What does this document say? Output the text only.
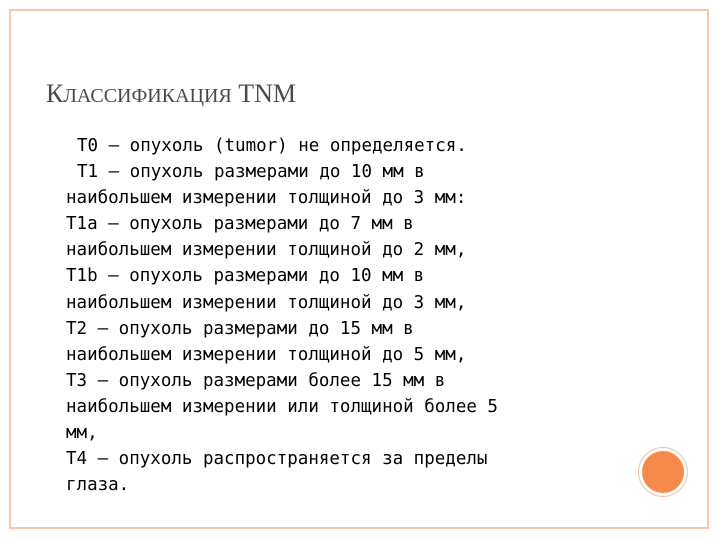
КЛАССИФИКАЦИЯ TNM
T0 – опухоль (tumor) не определяется.
T1 — опухоль размерами до 10 мм в
наибольшем измерении толщиной до 3 мм:
T1a — опухоль размерами до 7 мм в
наибольшем измерении толщиной до 2 мм,
T1b — опухоль размерами до 10 мм в
наибольшем измерении толщиной до 3 мм,
T2 — опухоль размерами до 15 мм в
наибольшем измерении толщиной до 5 мм,
T3 — опухоль размерами более 15 мм в
наибольшем измерении или толщиной более 5
мм,
T4 — опухоль распространяется за пределы
глаза.
